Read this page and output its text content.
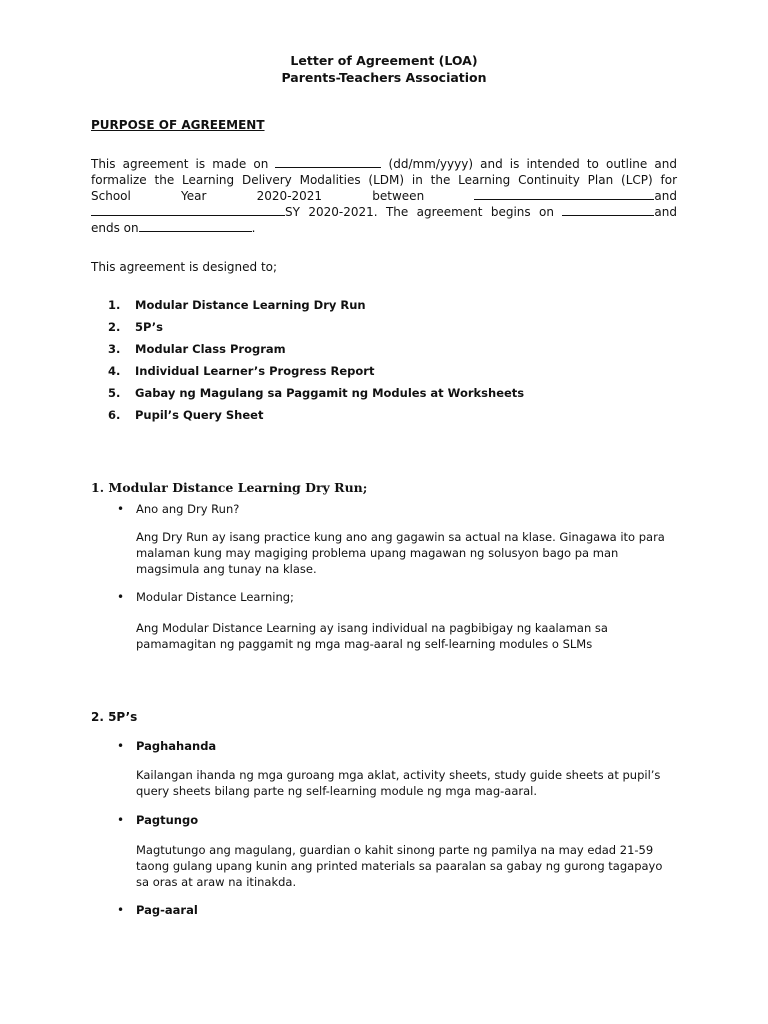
Letter of Agreement (LOA)
Parents-Teachers Association
PURPOSE OF AGREEMENT
This agreement is made on	(dd/mm/yyyy) and is intended to outline and
formalize the Learning Delivery Modalities (LDM) in the Learning Continuity Plan (LCP) for
School	Year	2020-2021	between	and
SY 2020-2021. The agreement begins on	and
ends on	.
This agreement is designed to;
1. Modular Distance Learning Dry Run
2. 5P’s
3. Modular Class Program
4. Individual Learner’s Progress Report
5. Gabay ng Magulang sa Paggamit ng Modules at Worksheets
6. Pupil’s Query Sheet
1. Modular Distance Learning Dry Run;
• Ano ang Dry Run?
Ang Dry Run ay isang practice kung ano ang gagawin sa actual na klase. Ginagawa ito para malaman kung may magiging problema upang magawan ng solusyon bago pa man magsimula ang tunay na klase.
• Modular Distance Learning;
Ang Modular Distance Learning ay isang individual na pagbibigay ng kaalaman sa pamamagitan ng paggamit ng mga mag-aaral ng self-learning modules o SLMs
2. 5P’s
• Paghahanda
Kailangan ihanda ng mga guroang mga aklat, activity sheets, study guide sheets at pupil’s query sheets bilang parte ng self-learning module ng mga mag-aaral.
• Pagtungo
Magtutungo ang magulang, guardian o kahit sinong parte ng pamilya na may edad 21-59 taong gulang upang kunin ang printed materials sa paaralan sa gabay ng gurong tagapayo sa oras at araw na itinakda.
• Pag-aaral
